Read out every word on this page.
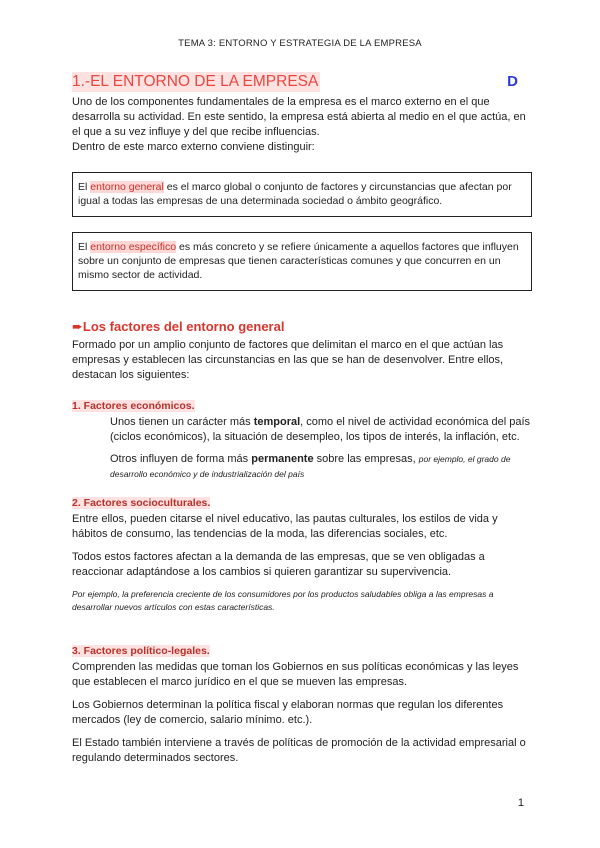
TEMA 3: ENTORNO Y ESTRATEGIA DE LA EMPRESA
1.-EL ENTORNO DE LA EMPRESA	D

Uno de los componentes fundamentales de la empresa es el marco externo en el que desarrolla su actividad. En este sentido, la empresa está abierta al medio en el que actúa, en el que a su vez influye y del que recibe influencias.

Dentro de este marco externo conviene distinguir:

El entorno general es el marco global o conjunto de factores y circunstancias que afectan por igual a todas las empresas de una determinada sociedad o ámbito geográfico.
El entorno específico es más concreto y se refiere únicamente a aquellos factores que influyen sobre un conjunto de empresas que tienen características comunes y que concurren en un mismo sector de actividad.
➨Los factores del entorno general

Formado por un amplio conjunto de factores que delimitan el marco en el que actúan las empresas y establecen las circunstancias en las que se han de desenvolver. Entre ellos, destacan los siguientes:

1. Factores económicos.

Unos tienen un carácter más temporal, como el nivel de actividad económica del país (ciclos económicos), la situación de desempleo, los tipos de interés, la inflación, etc.

Otros influyen de forma más permanente sobre las empresas, por ejemplo, el grado de desarrollo económico y de industrialización del país

2. Factores socioculturales.

Entre ellos, pueden citarse el nivel educativo, las pautas culturales, los estilos de vida y hábitos de consumo, las tendencias de la moda, las diferencias sociales, etc.

Todos estos factores afectan a la demanda de las empresas, que se ven obligadas a reaccionar adaptándose a los cambios si quieren garantizar su supervivencia.

Por ejemplo, la preferencia creciente de los consumidores por los productos saludables obliga a las empresas a desarrollar nuevos artículos con estas características.

3. Factores político-legales.

Comprenden las medidas que toman los Gobiernos en sus políticas económicas y las leyes que establecen el marco jurídico en el que se mueven las empresas.

Los Gobiernos determinan la política fiscal y elaboran normas que regulan los diferentes mercados (ley de comercio, salario mínimo. etc.).

El Estado también interviene a través de políticas de promoción de la actividad empresarial o regulando determinados sectores.

1
